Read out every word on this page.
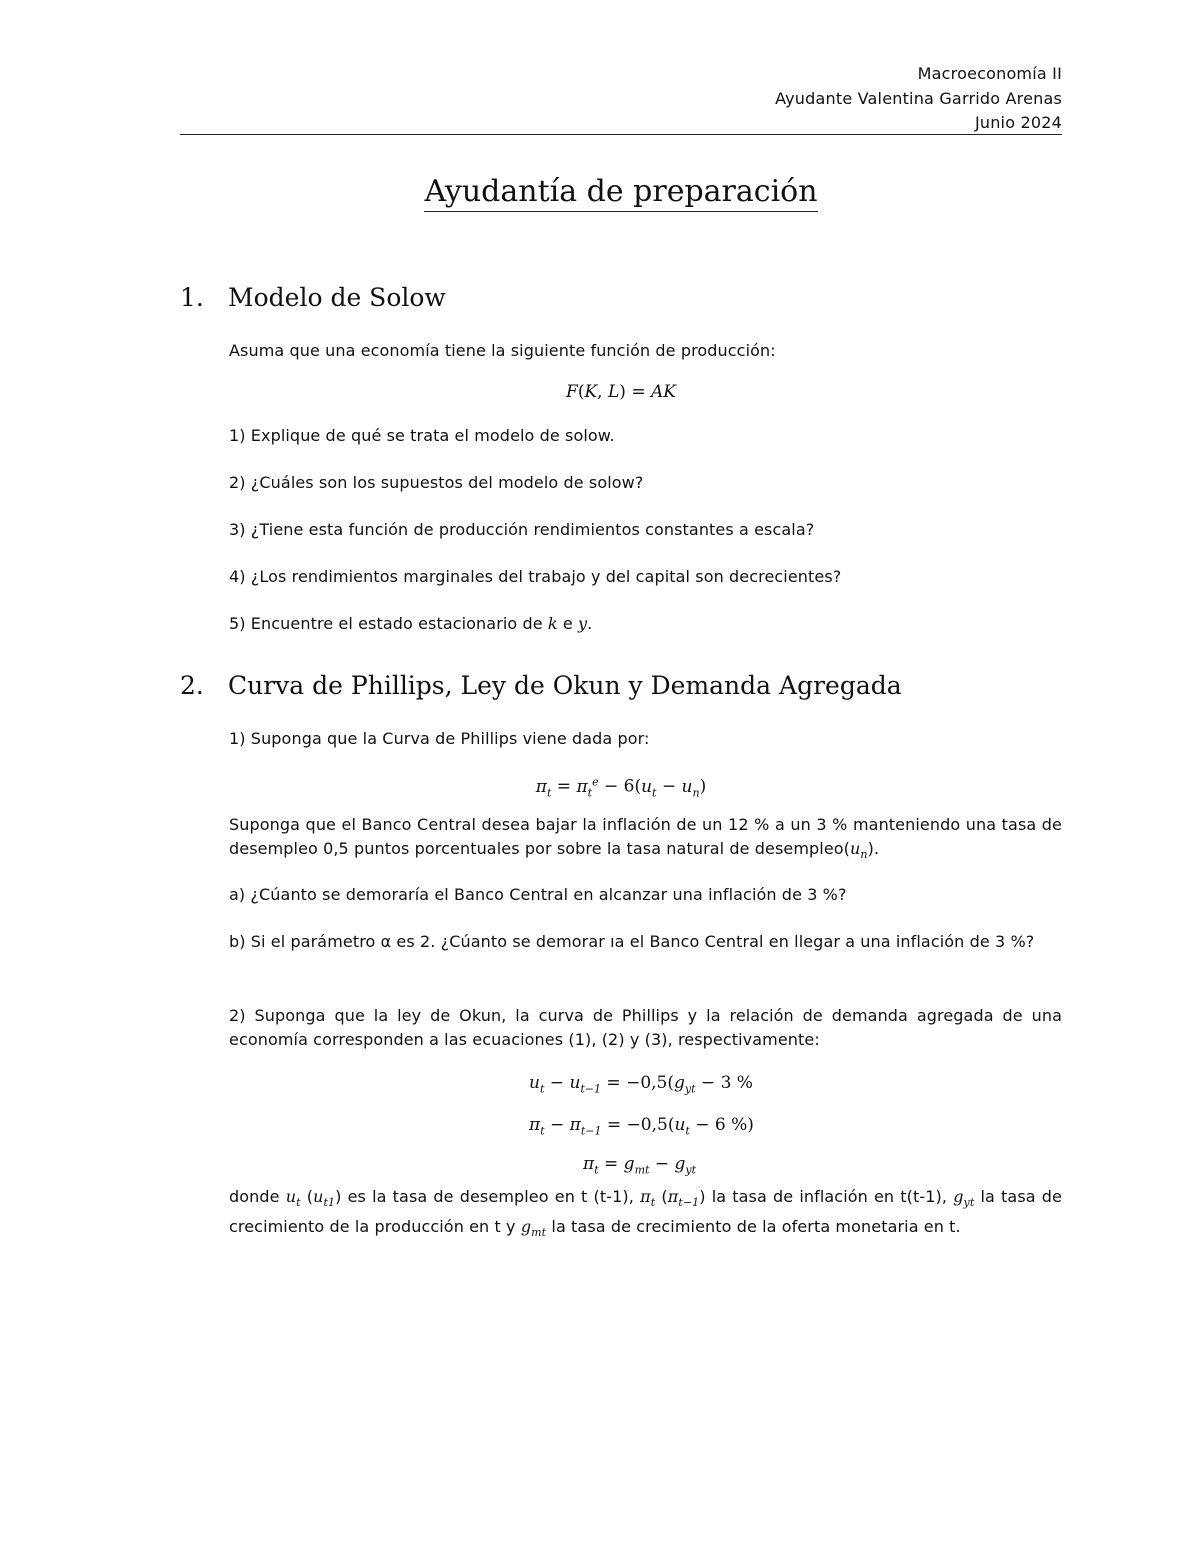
Macroeconomía II
Ayudante Valentina Garrido Arenas
Junio 2024
Ayudantía de preparación
1. Modelo de Solow
Asuma que una economía tiene la siguiente función de producción:
F(K, L) = AK
1) Explique de qué se trata el modelo de solow.
2) ¿Cuáles son los supuestos del modelo de solow?
3) ¿Tiene esta función de producción rendimientos constantes a escala?
4) ¿Los rendimientos marginales del trabajo y del capital son decrecientes?
5) Encuentre el estado estacionario de k e y.
2. Curva de Phillips, Ley de Okun y Demanda Agregada
1) Suponga que la Curva de Phillips viene dada por:
$\pi_t = \pi_t^e - 6(u_t - u_n)$
Suponga que el Banco Central desea bajar la inflación de un 12 % a un 3 % manteniendo una tasa de desempleo 0,5 puntos porcentuales por sobre la tasa natural de $desempleo(u_n)$.
a) ¿Cúanto se demoraría el Banco Central en alcanzar una inflación de 3 %?
b) Si el parámetro α es 2. ¿Cúanto se demorar ıa el Banco Central en llegar a una inflación de 3 %?
2) Suponga que la ley de Okun, la curva de Phillips y la relación de demanda agregada de una economía corresponden a las ecuaciones (1), (2) y (3), respectivamente:
$u_t - u_{t-1} = -0,5(g_{yt} - 3$ %
$\pi_t - \pi_{t-1} = -0,5(u_t - 6$ %)
$\pi_t = g_{mt} - g_{yt}$
donde $u_t$ $(u_{t1})$ es la tasa de desempleo en t (t-1), $\pi_t$ $(\pi_{t-1})$ la tasa de inflación en t(t-1), $g_{yt}$ la tasa de crecimiento de la producción en t y $g_{mt}$ la tasa de crecimiento de la oferta monetaria en t.
